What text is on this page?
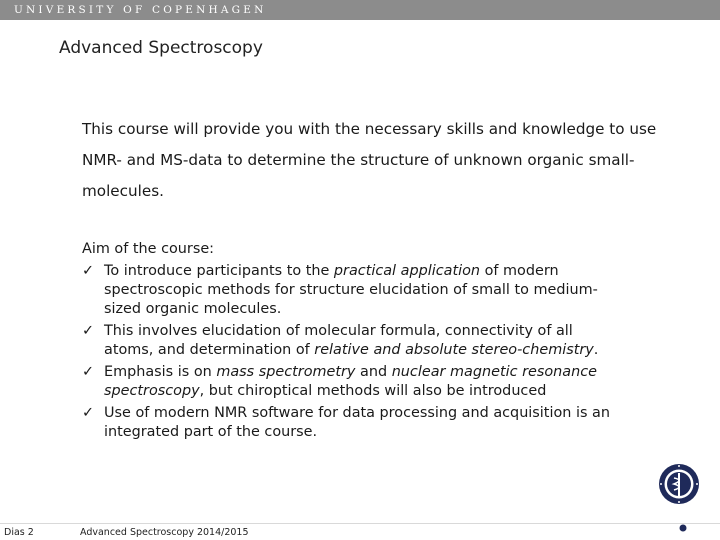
UNIVERSITY OF COPENHAGEN
Advanced Spectroscopy
This course will provide you with the necessary skills and knowledge to use NMR- and MS-data to determine the structure of unknown organic small-molecules.
Aim of the course:
✓ To introduce participants to the practical application of modern spectroscopic methods for structure elucidation of small to medium-sized organic molecules.
✓ This involves elucidation of molecular formula, connectivity of all atoms, and determination of relative and absolute stereo-chemistry.
✓ Emphasis is on mass spectrometry and nuclear magnetic resonance spectroscopy, but chiroptical methods will also be introduced
✓ Use of modern NMR software for data processing and acquisition is an integrated part of the course.
Dias 2	Advanced Spectroscopy 2014/2015
